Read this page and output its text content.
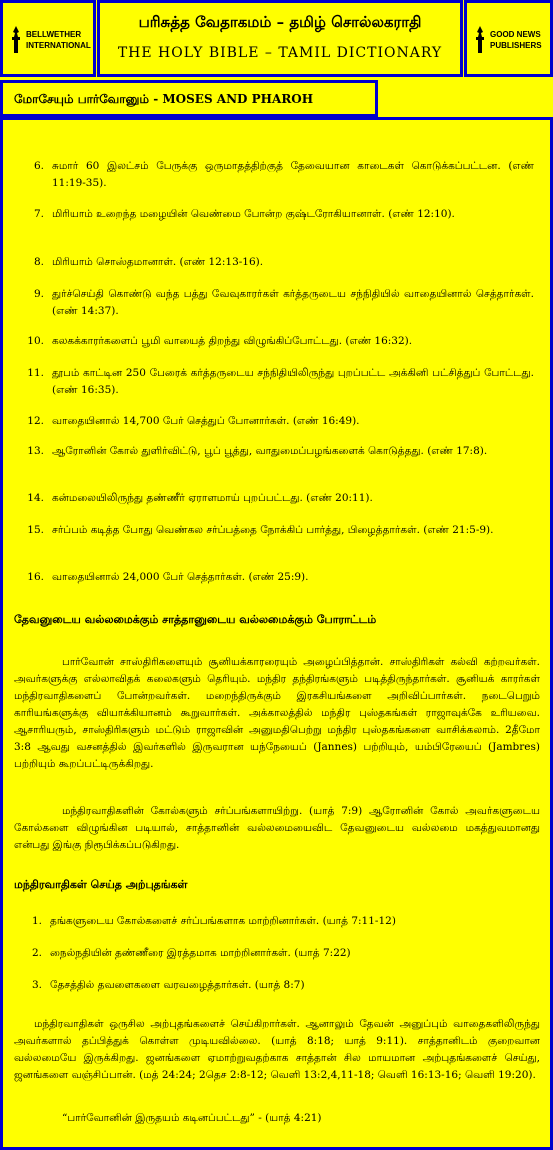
BELLWETHER INTERNATIONAL
பரிசுத்த வேதாகமம் – தமிழ் சொல்லகராதி
THE HOLY BIBLE – TAMIL DICTIONARY
GOOD NEWS PUBLISHERS
மோசேயும் பார்வோனும் - MOSES AND PHAROH
6. சுமார் 60 இலட்சம் பேருக்கு ஒருமாதத்திற்குத் தேவையான காடைகள் கொடுக்கப்பட்டன. (எண் 11:19-35).
7. மிரியாம் உறைந்த மழையின் வெண்மை போன்ற குஷ்டரோகியானாள். (எண் 12:10).
8. மிரியாம் சொஸ்தமானாள். (எண் 12:13-16).
9. துர்ச்செய்தி கொண்டு வந்த பத்து வேவுகாரர்கள் கர்த்தருடைய சந்நிதியில் வாதையினால் செத்தார்கள். (எண் 14:37).
10. கலகக்காரர்களைப் பூமி வாயைத் திறந்து விழுங்கிப்போட்டது. (எண் 16:32).
11. தூபம் காட்டின 250 பேரைக் கர்த்தருடைய சந்நிதியிலிருந்து புறப்பட்ட அக்கினி பட்சித்துப் போட்டது. (எண் 16:35).
12. வாதையினால் 14,700 பேர் செத்துப் போனார்கள். (எண் 16:49).
13. ஆரோனின் கோல் துளிர்விட்டு, பூப் பூத்து, வாதுமைப்பழங்களைக் கொடுத்தது. (எண் 17:8).
14. கன்மலையிலிருந்து தண்ணீர் ஏராளமாய் புறப்பட்டது. (எண் 20:11).
15. சர்ப்பம் கடித்த போது வெண்கல சர்ப்பத்தை நோக்கிப் பார்த்து, பிழைத்தார்கள். (எண் 21:5-9).
16. வாதையினால் 24,000 பேர் செத்தார்கள். (எண் 25:9).
தேவனுடைய வல்லமைக்கும் சாத்தானுடைய வல்லமைக்கும் போராட்டம்
பார்வோன் சாஸ்திரிகளையும் சூனியக்காரரையும் அழைப்பித்தான். சாஸ்திரிகள் கல்வி கற்றவர்கள். அவர்களுக்கு எல்லாவிதக் கலைகளும் தெரியும். மந்திர தந்திரங்களும் படித்திருந்தார்கள். சூனியக் காரர்கள் மந்திரவாதிகளைப் போன்றவர்கள். மறைந்திருக்கும் இரகசியங்களை அறிவிப்பார்கள். நடைபெறும் காரியங்களுக்கு வியாக்கியானம் கூறுவார்கள். அக்காலத்தில் மந்திர புஸ்தகங்கள் ராஜாவுக்கே உரியவை. ஆசாரியரும், சாஸ்திரிகளும் மட்டும் ராஜாவின் அனுமதிபெற்று மந்திர புஸ்தகங்களை வாசிக்கலாம். 2தீமோ 3:8 ஆவது வசனத்தில் இவர்களில் இருவரான யந்நேயைப் (Jannes) பற்றியும், யம்பிரேயைப் (Jambres) பற்றியும் கூறப்பட்டிருக்கிறது.
மந்திரவாதிகளின் கோல்களும் சர்ப்பங்களாயிற்று. (யாத் 7:9) ஆரோனின் கோல் அவர்களுடைய கோல்களை விழுங்கின படியால், சாத்தானின் வல்லமையைவிட தேவனுடைய வல்லமை மகத்துவமானது என்பது இங்கு நிரூபிக்கப்படுகிறது.
மந்திரவாதிகள் செய்த அற்புதங்கள்
1. தங்களுடைய கோல்களைச் சர்ப்பங்களாக மாற்றினார்கள். (யாத் 7:11-12)
2. நைல்நதியின் தண்ணீரை இரத்தமாக மாற்றினார்கள். (யாத் 7:22)
3. தேசத்தில் தவளைகளை வரவழைத்தார்கள். (யாத் 8:7)
மந்திரவாதிகள் ஒருசில அற்புதங்களைச் செய்கிறார்கள். ஆனாலும் தேவன் அனுப்பும் வாதைகளிலிருந்து அவர்களால் தப்பித்துக் கொள்ள முடியவில்லை. (யாத் 8:18; யாத் 9:11). சாத்தானிடம் குறைவான வல்லமையே இருக்கிறது. ஜனங்களை ஏமாற்றுவதற்காக சாத்தான் சில மாயமான அற்புதங்களைச் செய்து, ஜனங்களை வஞ்சிப்பான். (மத் 24:24; 2தெச 2:8-12; வெளி 13:2,4,11-18; வெளி 16:13-16; வெளி 19:20).
“பார்வோனின் இருதயம் கடினப்பட்டது” - (யாத் 4:21)
